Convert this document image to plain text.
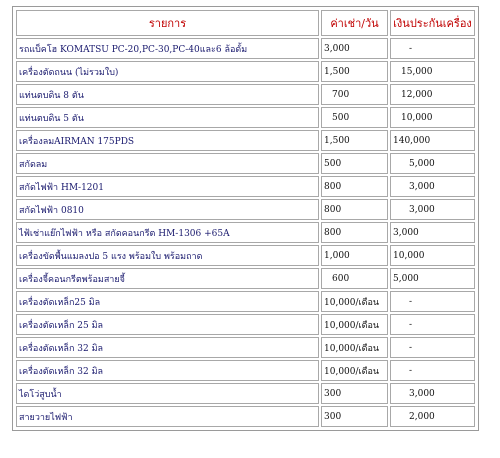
รายการ	ค่าเช่า/วัน	เงินประกันเครื่อง
รถแบ็คโฮ KOMATSU PC-20,PC-30,PC-40และ6 ล้อดั้ม	3,000	-
เครื่องตัดถนน (ไม่รวมใบ)	1,500	15,000
แท่นตบดิน 8 ตัน	700	12,000
แท่นตบดิน 5 ตัน	500	10,000
เครื่องลมAIRMAN 175PDS	1,500	140,000
สกัดลม	500	5,000
สกัดไฟฟ้า HM-1201	800	3,000
สกัดไฟฟ้า 0810	800	3,000
ไฟ้เช่าแย๊กไฟฟ้า หรือ สกัดคอนกรีต HM-1306 +65A	800	3,000
เครื่องขัดพื้นแมลงปอ 5 แรง พร้อมใบ พร้อมถาด	1,000	10,000
เครื่องจี้คอนกรีตพร้อมสายจี้	600	5,000
เครื่องตัดเหล็ก25 มิล	10,000/เดือน	-
เครื่องตัดเหล็ก 25 มิล	10,000/เดือน	-
เครื่องตัดเหล็ก 32 มิล	10,000/เดือน	-
เครื่องตัดเหล็ก 32 มิล	10,000/เดือน	-
ไดโว่สูบน้ำ	300	3,000
สายวายไฟฟ้า	300	2,000
